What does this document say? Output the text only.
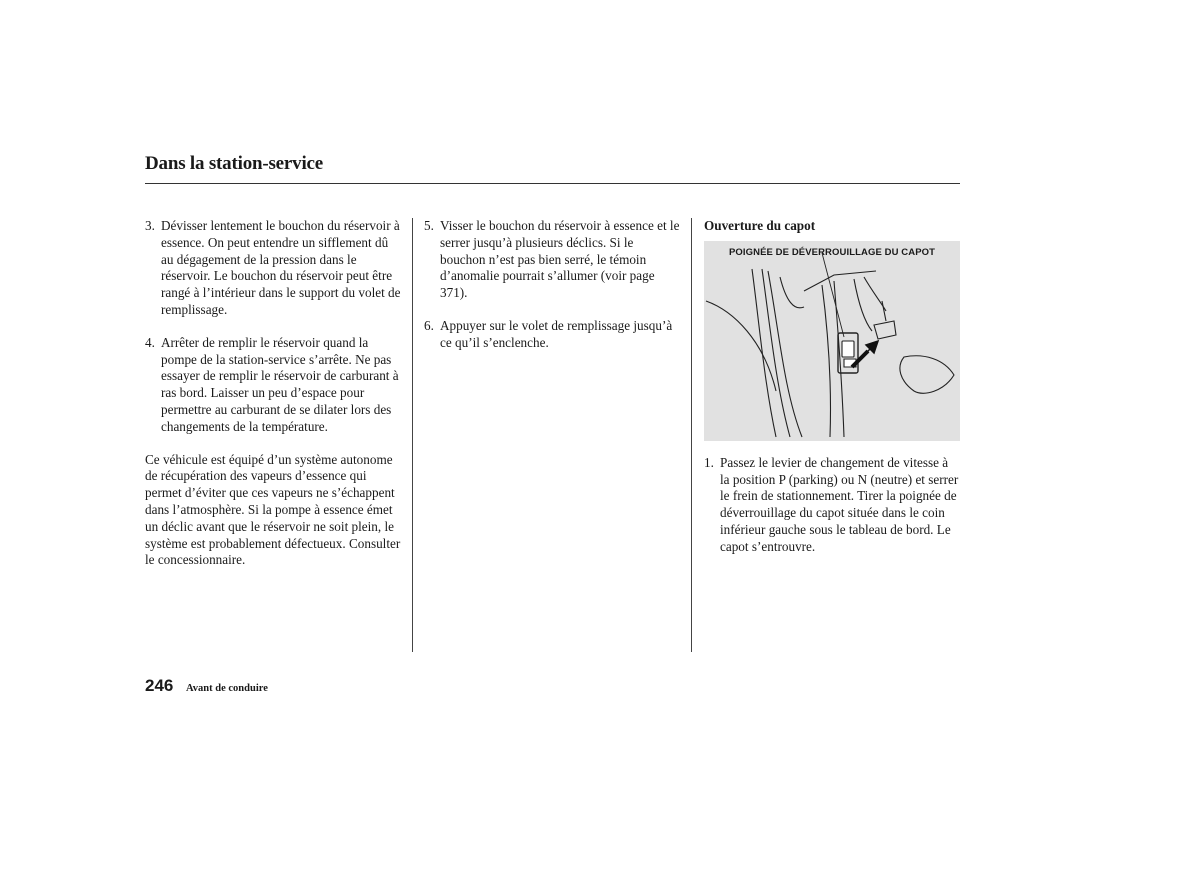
Dans la station-service
3. Dévisser lentement le bouchon du réservoir à essence. On peut entendre un sifflement dû au dégagement de la pression dans le réservoir. Le bouchon du réservoir peut être rangé à l’intérieur dans le support du volet de remplissage.
4. Arrêter de remplir le réservoir quand la pompe de la station-service s’arrête. Ne pas essayer de remplir le réservoir de carburant à ras bord. Laisser un peu d’espace pour permettre au carburant de se dilater lors des changements de la température.

Ce véhicule est équipé d’un système autonome de récupération des vapeurs d’essence qui permet d’éviter que ces vapeurs ne s’échappent dans l’atmosphère. Si la pompe à essence émet un déclic avant que le réservoir ne soit plein, le système est probablement défectueux. Consulter le concessionnaire.

5. Visser le bouchon du réservoir à essence et le serrer jusqu’à plusieurs déclics. Si le bouchon n’est pas bien serré, le témoin d’anomalie pourrait s’allumer (voir page 371).
6. Appuyer sur le volet de remplissage jusqu’à ce qu’il s’enclenche.
Ouverture du capot
POIGNÉE DE DÉVERROUILLAGE DU CAPOT
1. Passez le levier de changement de vitesse à la position P (parking) ou N (neutre) et serrer le frein de stationnement. Tirer la poignée de déverrouillage du capot située dans le coin inférieur gauche sous le tableau de bord. Le capot s’entrouvre.
246 Avant de conduire
